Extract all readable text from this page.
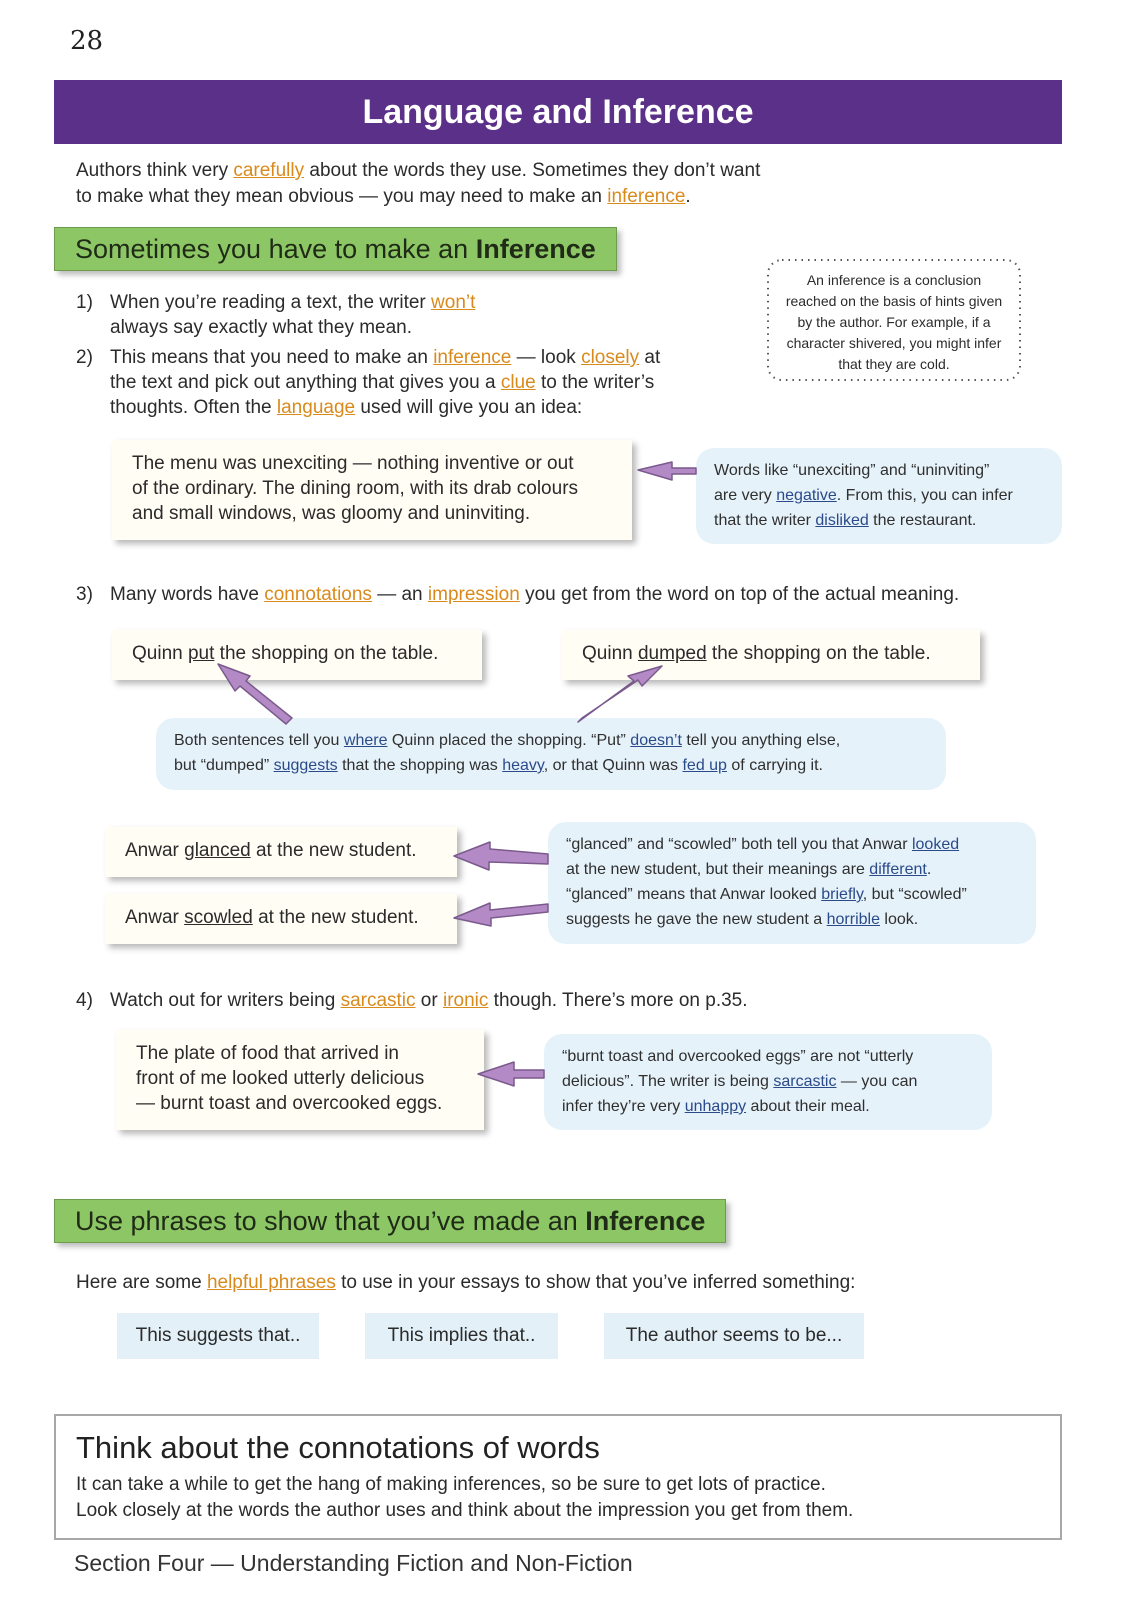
28
Language and Inference
Authors think very carefully about the words they use. Sometimes they don’t want
to make what they mean obvious — you may need to make an inference.
Sometimes you have to make an Inference
An inference is a conclusion
reached on the basis of hints given
by the author. For example, if a
character shivered, you might infer
that they are cold.
1) When you’re reading a text, the writer won’t
always say exactly what they mean.
2) This means that you need to make an inference — look closely at
the text and pick out anything that gives you a clue to the writer’s
thoughts. Often the language used will give you an idea:
The menu was unexciting — nothing inventive or out
of the ordinary. The dining room, with its drab colours
and small windows, was gloomy and uninviting.
Words like “unexciting” and “uninviting”
are very negative. From this, you can infer
that the writer disliked the restaurant.
3) Many words have connotations — an impression you get from the word on top of the actual meaning.
Quinn put the shopping on the table.	Quinn dumped the shopping on the table.
Both sentences tell you where Quinn placed the shopping. “Put” doesn’t tell you anything else,
but “dumped” suggests that the shopping was heavy, or that Quinn was fed up of carrying it.
Anwar glanced at the new student.
Anwar scowled at the new student.
“glanced” and “scowled” both tell you that Anwar looked
at the new student, but their meanings are different.
“glanced” means that Anwar looked briefly, but “scowled”
suggests he gave the new student a horrible look.
4) Watch out for writers being sarcastic or ironic though. There’s more on p.35.
The plate of food that arrived in
front of me looked utterly delicious
— burnt toast and overcooked eggs.
“burnt toast and overcooked eggs” are not “utterly
delicious”. The writer is being sarcastic — you can
infer they’re very unhappy about their meal.
Use phrases to show that you’ve made an Inference
Here are some helpful phrases to use in your essays to show that you’ve inferred something:
This suggests that..	This implies that..	The author seems to be...
Think about the connotations of words
It can take a while to get the hang of making inferences, so be sure to get lots of practice.
Look closely at the words the author uses and think about the impression you get from them.
Section Four — Understanding Fiction and Non-Fiction
